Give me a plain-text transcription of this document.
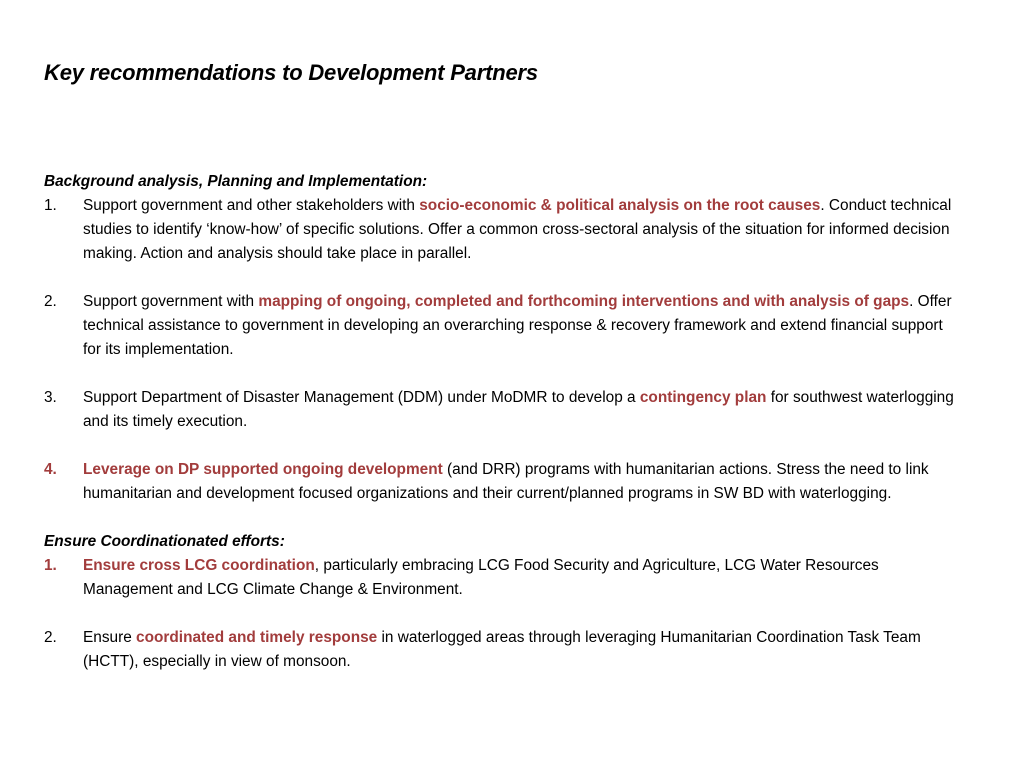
Key recommendations to Development Partners

Background analysis, Planning and Implementation:

1.	Support government and other stakeholders with socio-economic & political analysis on the root causes. Conduct technical studies to identify ‘know-how’ of specific solutions. Offer a common cross-sectoral analysis of the situation for informed decision making. Action and analysis should take place in parallel.
2.	Support government with mapping of ongoing, completed and forthcoming interventions and with analysis of gaps. Offer technical assistance to government in developing an overarching response & recovery framework and extend financial support for its implementation.
3.	Support Department of Disaster Management (DDM) under MoDMR to develop a contingency plan for southwest waterlogging and its timely execution.
4.	Leverage on DP supported ongoing development (and DRR) programs with humanitarian actions. Stress the need to link humanitarian and development focused organizations and their current/planned programs in SW BD with waterlogging.

Ensure Coordinationated efforts:

1.	Ensure cross LCG coordination, particularly embracing LCG Food Security and Agriculture, LCG Water Resources Management and LCG Climate Change & Environment.
2.	Ensure coordinated and timely response in waterlogged areas through leveraging Humanitarian Coordination Task Team (HCTT), especially in view of monsoon.
